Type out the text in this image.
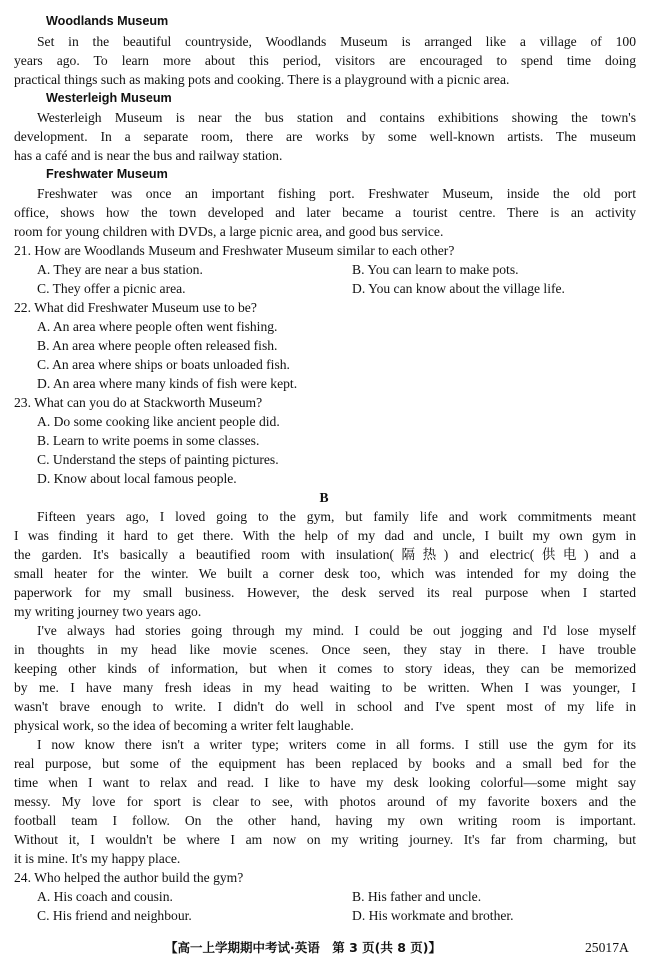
Woodlands Museum
Set in the beautiful countryside, Woodlands Museum is arranged like a village of 100
years ago. To learn more about this period, visitors are encouraged to spend time doing
practical things such as making pots and cooking. There is a playground with a picnic area.
Westerleigh Museum
Westerleigh Museum is near the bus station and contains exhibitions showing the town's
development. In a separate room, there are works by some well-known artists. The museum
has a café and is near the bus and railway station.
Freshwater Museum
Freshwater was once an important fishing port. Freshwater Museum, inside the old port
office, shows how the town developed and later became a tourist centre. There is an activity
room for young children with DVDs, a large picnic area, and good bus service.
21. How are Woodlands Museum and Freshwater Museum similar to each other?
A. They are near a bus station.	B. You can learn to make pots.
C. They offer a picnic area.	D. You can know about the village life.
22. What did Freshwater Museum use to be?
A. An area where people often went fishing.
B. An area where people often released fish.
C. An area where ships or boats unloaded fish.
D. An area where many kinds of fish were kept.
23. What can you do at Stackworth Museum?
A. Do some cooking like ancient people did.
B. Learn to write poems in some classes.
C. Understand the steps of painting pictures.
D. Know about local famous people.
B
Fifteen years ago, I loved going to the gym, but family life and work commitments meant
I was finding it hard to get there. With the help of my dad and uncle, I built my own gym in
the garden. It's basically a beautified room with insulation(隔热) and electric(供电) and a
small heater for the winter. We built a corner desk too, which was intended for my doing the
paperwork for my small business. However, the desk served its real purpose when I started
my writing journey two years ago.
I've always had stories going through my mind. I could be out jogging and I'd lose myself
in thoughts in my head like movie scenes. Once seen, they stay in there. I have trouble
keeping other kinds of information, but when it comes to story ideas, they can be memorized
by me. I have many fresh ideas in my head waiting to be written. When I was younger, I
wasn't brave enough to write. I didn't do well in school and I've spent most of my life in
physical work, so the idea of becoming a writer felt laughable.
I now know there isn't a writer type; writers come in all forms. I still use the gym for its
real purpose, but some of the equipment has been replaced by books and a small bed for the
time when I want to relax and read. I like to have my desk looking colorful—some might say
messy. My love for sport is clear to see, with photos around of my favorite boxers and the
football team I follow. On the other hand, having my own writing room is important.
Without it, I wouldn't be where I am now on my writing journey. It's far from charming, but
it is mine. It's my happy place.
24. Who helped the author build the gym?
A. His coach and cousin.	B. His father and uncle.
C. His friend and neighbour.	D. His workmate and brother.
【高一上学期期中考试·英语　第 3 页(共 8 页)】	25017A
